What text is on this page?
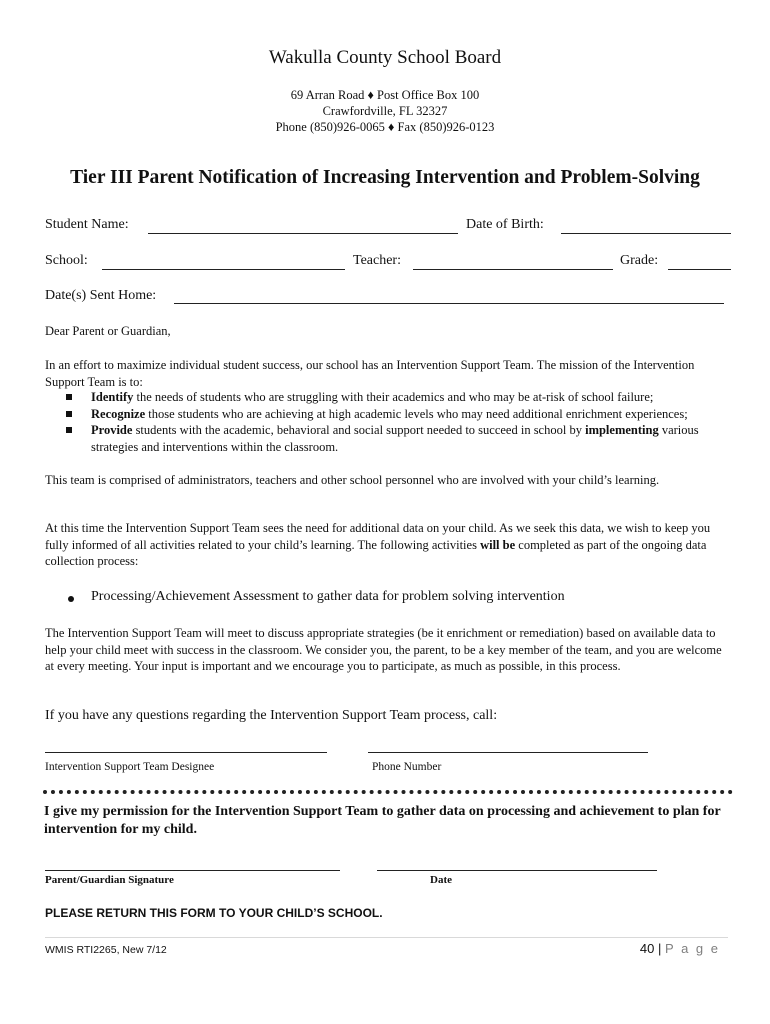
Wakulla County School Board
69 Arran Road ♦ Post Office Box 100
Crawfordville, FL 32327
Phone (850)926-0065 ♦ Fax (850)926-0123
Tier III Parent Notification of Increasing Intervention and Problem-Solving
Student Name:	Date of Birth:
School:	Teacher:	Grade:
Date(s) Sent Home:
Dear Parent or Guardian,
In an effort to maximize individual student success, our school has an Intervention Support Team. The mission of the Intervention Support Team is to:
Identify the needs of students who are struggling with their academics and who may be at-risk of school failure;
Recognize those students who are achieving at high academic levels who may need additional enrichment experiences;
Provide students with the academic, behavioral and social support needed to succeed in school by implementing various strategies and interventions within the classroom.
This team is comprised of administrators, teachers and other school personnel who are involved with your child’s learning.
At this time the Intervention Support Team sees the need for additional data on your child. As we seek this data, we wish to keep you fully informed of all activities related to your child’s learning. The following activities will be completed as part of the ongoing data collection process:
Processing/Achievement Assessment to gather data for problem solving intervention
The Intervention Support Team will meet to discuss appropriate strategies (be it enrichment or remediation) based on available data to help your child meet with success in the classroom. We consider you, the parent, to be a key member of the team, and you are welcome at every meeting. Your input is important and we encourage you to participate, as much as possible, in this process.
If you have any questions regarding the Intervention Support Team process, call:
Intervention Support Team Designee	Phone Number
I give my permission for the Intervention Support Team to gather data on processing and achievement to plan for intervention for my child.
Parent/Guardian Signature	Date
PLEASE RETURN THIS FORM TO YOUR CHILD’S SCHOOL.
WMIS RTI2265, New 7/12	40 | P a g e
